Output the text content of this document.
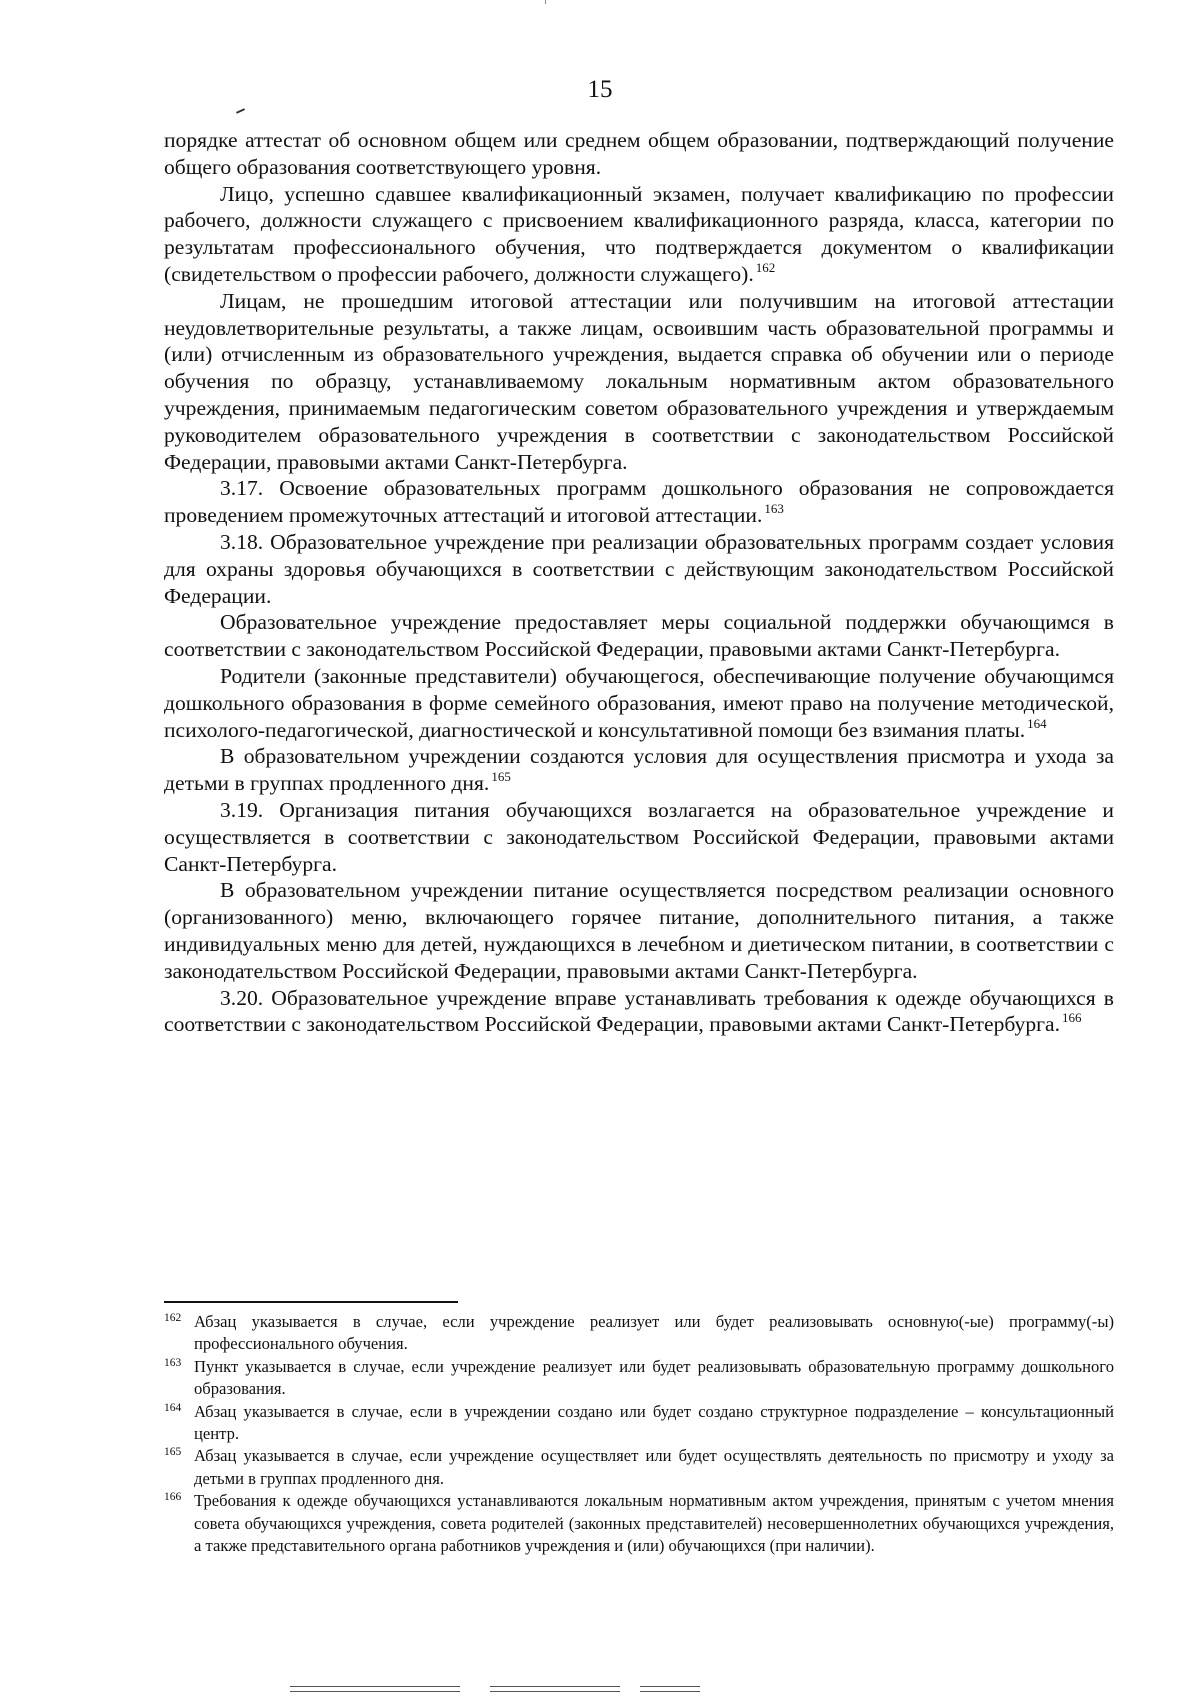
15

порядке аттестат об основном общем или среднем общем образовании, подтверждающий получение общего образования соответствующего уровня.

Лицо, успешно сдавшее квалификационный экзамен, получает квалификацию по профессии рабочего, должности служащего с присвоением квалификационного разряда, класса, категории по результатам профессионального обучения, что подтверждается документом о квалификации (свидетельством о профессии рабочего, должности служащего). $^{162}$

Лицам, не прошедшим итоговой аттестации или получившим на итоговой аттестации неудовлетворительные результаты, а также лицам, освоившим часть образовательной программы и (или) отчисленным из образовательного учреждения, выдается справка об обучении или о периоде обучения по образцу, устанавливаемому локальным нормативным актом образовательного учреждения, принимаемым педагогическим советом образовательного учреждения и утверждаемым руководителем образовательного учреждения в соответствии с законодательством Российской Федерации, правовыми актами Санкт-Петербурга.

3.17. Освоение образовательных программ дошкольного образования не сопровождается проведением промежуточных аттестаций и итоговой аттестации. $^{163}$

3.18. Образовательное учреждение при реализации образовательных программ создает условия для охраны здоровья обучающихся в соответствии с действующим законодательством Российской Федерации.

Образовательное учреждение предоставляет меры социальной поддержки обучающимся в соответствии с законодательством Российской Федерации, правовыми актами Санкт-Петербурга.

Родители (законные представители) обучающегося, обеспечивающие получение обучающимся дошкольного образования в форме семейного образования, имеют право на получение методической, психолого-педагогической, диагностической и консультативной помощи без взимания платы. $^{164}$

В образовательном учреждении создаются условия для осуществления присмотра и ухода за детьми в группах продленного дня. $^{165}$

3.19. Организация питания обучающихся возлагается на образовательное учреждение и осуществляется в соответствии с законодательством Российской Федерации, правовыми актами Санкт-Петербурга.

В образовательном учреждении питание осуществляется посредством реализации основного (организованного) меню, включающего горячее питание, дополнительного питания, а также индивидуальных меню для детей, нуждающихся в лечебном и диетическом питании, в соответствии с законодательством Российской Федерации, правовыми актами Санкт-Петербурга.

3.20. Образовательное учреждение вправе устанавливать требования к одежде обучающихся в соответствии с законодательством Российской Федерации, правовыми актами Санкт-Петербурга. $^{166}$

162 Абзац указывается в случае, если учреждение реализует или будет реализовывать основную(-ые) программу(-ы) профессионального обучения.

163 Пункт указывается в случае, если учреждение реализует или будет реализовывать образовательную программу дошкольного образования.

164 Абзац указывается в случае, если в учреждении создано или будет создано структурное подразделение – консультационный центр.

165 Абзац указывается в случае, если учреждение осуществляет или будет осуществлять деятельность по присмотру и уходу за детьми в группах продленного дня.

166 Требования к одежде обучающихся устанавливаются локальным нормативным актом учреждения, принятым с учетом мнения совета обучающихся учреждения, совета родителей (законных представителей) несовершеннолетних обучающихся учреждения, а также представительного органа работников учреждения и (или) обучающихся (при наличии).
